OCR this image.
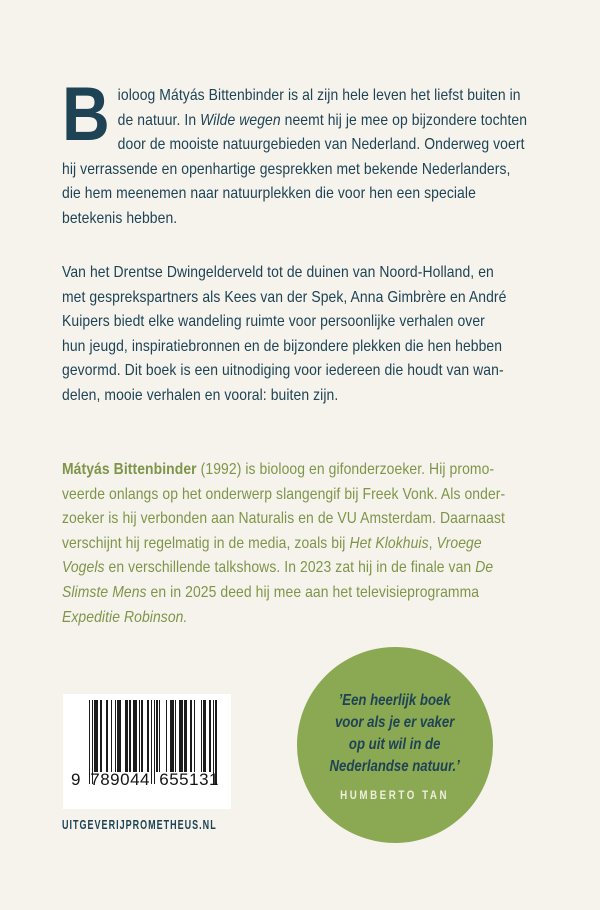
B ioloog Mátyás Bittenbinder is al zijn hele leven het liefst buiten in
de natuur. In Wilde wegen neemt hij je mee op bijzondere tochten
door de mooiste natuurgebieden van Nederland. Onderweg voert
hij verrassende en openhartige gesprekken met bekende Nederlanders,
die hem meenemen naar natuurplekken die voor hen een speciale
betekenis hebben.
Van het Drentse Dwingelderveld tot de duinen van Noord-Holland, en
met gesprekspartners als Kees van der Spek, Anna Gimbrère en André
Kuipers biedt elke wandeling ruimte voor persoonlijke verhalen over
hun jeugd, inspiratiebronnen en de bijzondere plekken die hen hebben
gevormd. Dit boek is een uitnodiging voor iedereen die houdt van wan-
delen, mooie verhalen en vooral: buiten zijn.
Mátyás Bittenbinder (1992) is bioloog en gifonderzoeker. Hij promo-
veerde onlangs op het onderwerp slangengif bij Freek Vonk. Als onder-
zoeker is hij verbonden aan Naturalis en de VU Amsterdam. Daarnaast
verschijnt hij regelmatig in de media, zoals bij Het Klokhuis, Vroege
Vogels en verschillende talkshows. In 2023 zat hij in de finale van De
Slimste Mens en in 2025 deed hij mee aan het televisieprogramma
Expeditie Robinson.
9 789044 655131
UITGEVERIJPROMETHEUS.NL
’Een heerlijk boek
voor als je er vaker
op uit wil in de
Nederlandse natuur.’
HUMBERTO TAN
